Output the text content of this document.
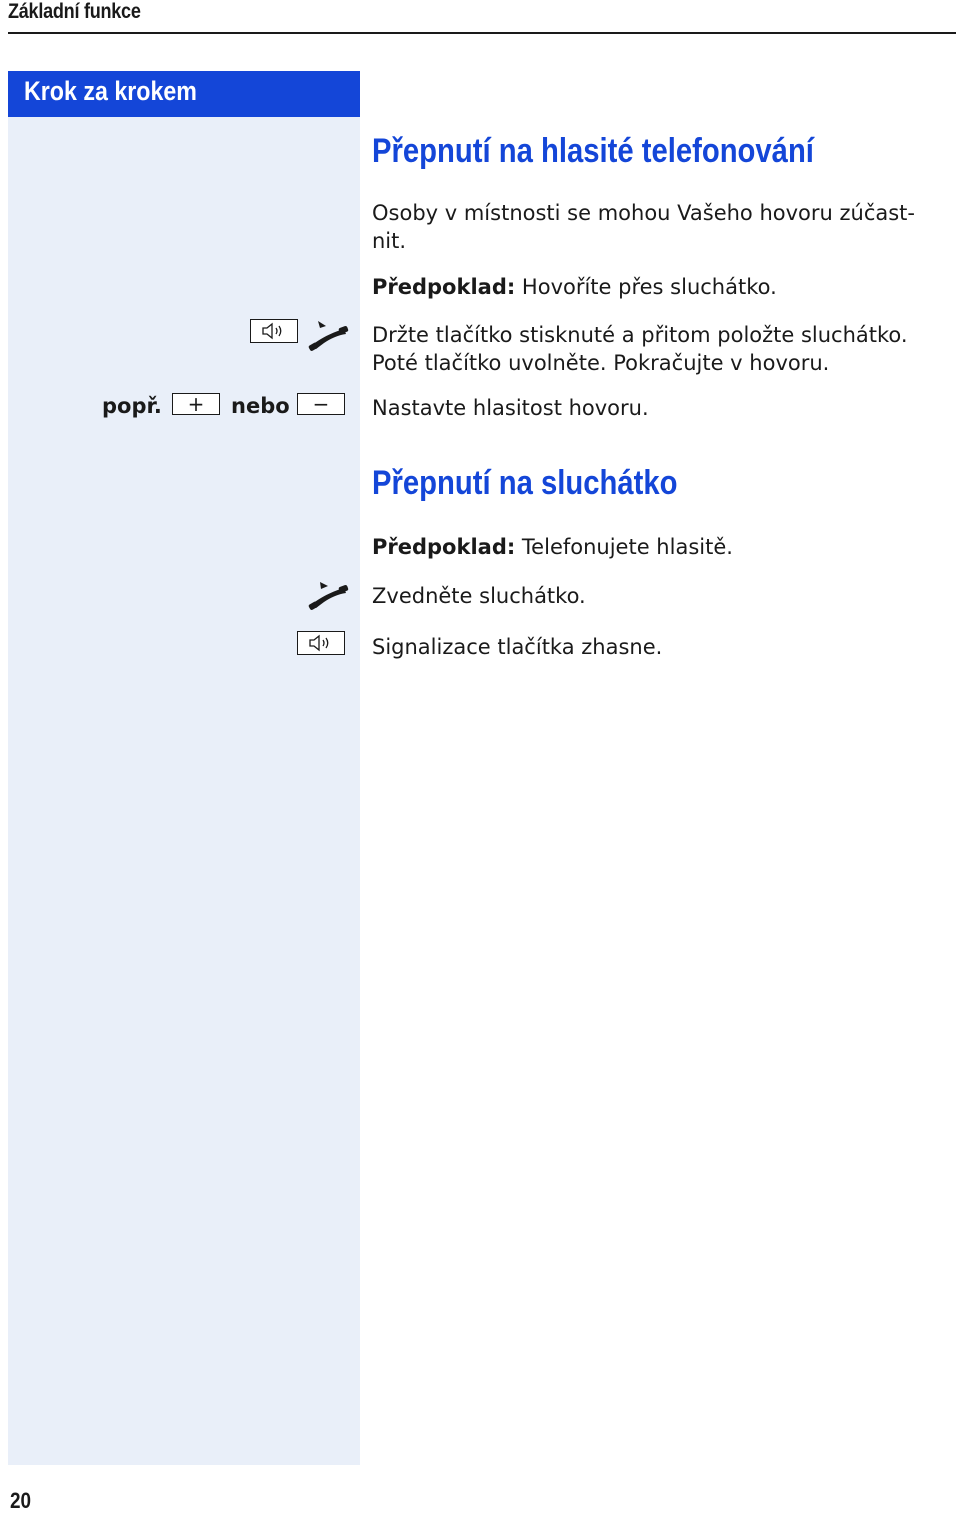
Základní funkce
Krok za krokem
Přepnutí na hlasité telefonování
Osoby v místnosti se mohou Vašeho hovoru zúčast-
nit.
Předpoklad: Hovoříte přes sluchátko.
Držte tlačítko stisknuté a přitom položte sluchátko.
Poté tlačítko uvolněte. Pokračujte v hovoru.
popř. + nebo − Nastavte hlasitost hovoru.
Přepnutí na sluchátko
Předpoklad: Telefonujete hlasitě.
Zvedněte sluchátko.
Signalizace tlačítka zhasne.
20
